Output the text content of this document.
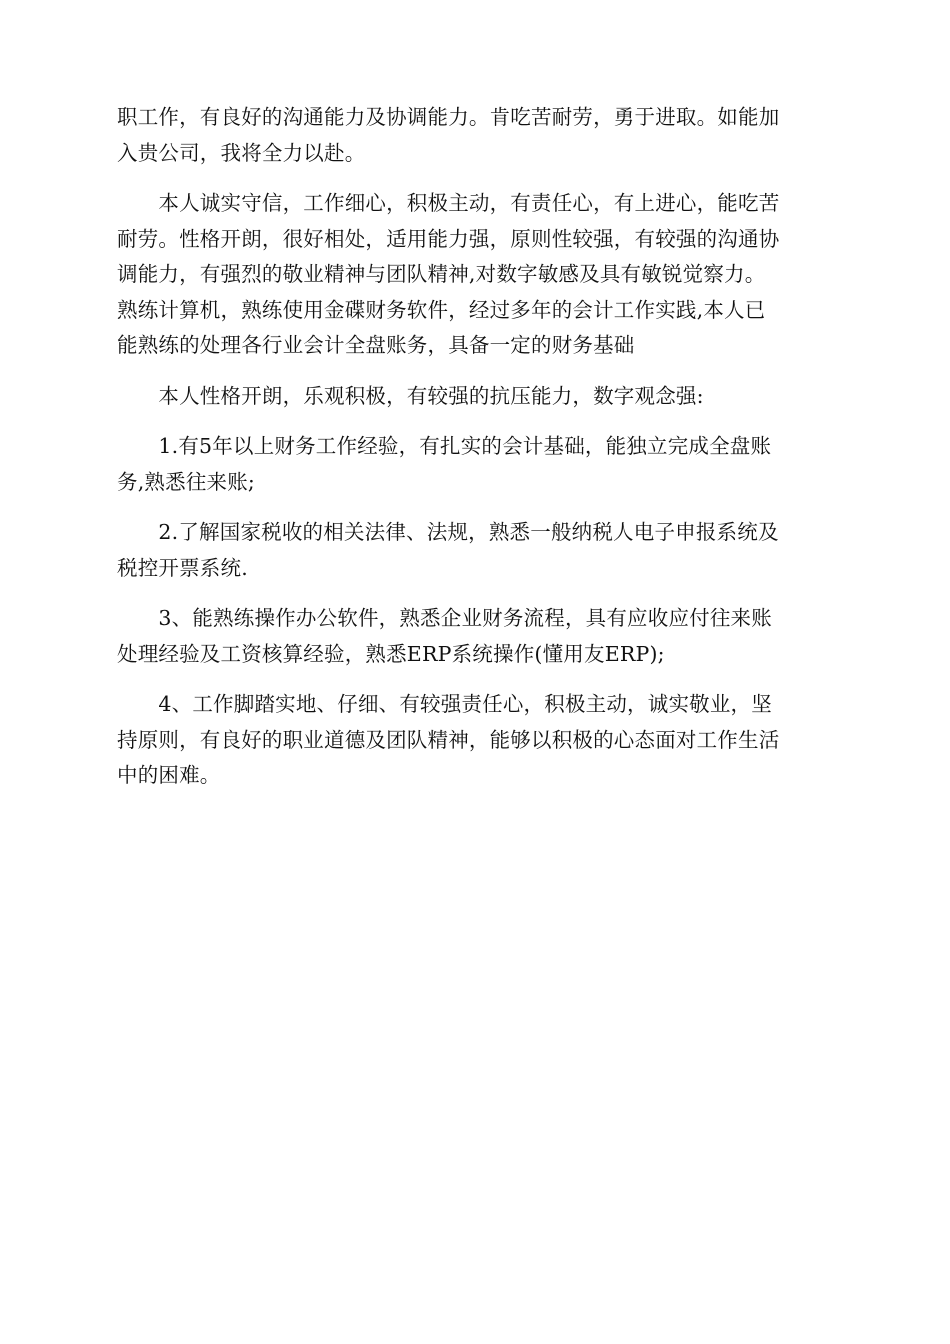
职工作，有良好的沟通能力及协调能力。肯吃苦耐劳，勇于进取。如能加
入贵公司，我将全力以赴。

　　本人诚实守信，工作细心，积极主动，有责任心，有上进心，能吃苦
耐劳。性格开朗，很好相处，适用能力强，原则性较强，有较强的沟通协
调能力，有强烈的敬业精神与团队精神,对数字敏感及具有敏锐觉察力。
熟练计算机，熟练使用金碟财务软件，经过多年的会计工作实践,本人已
能熟练的处理各行业会计全盘账务，具备一定的财务基础

　　本人性格开朗，乐观积极，有较强的抗压能力，数字观念强:

　　1.有5年以上财务工作经验，有扎实的会计基础，能独立完成全盘账
务,熟悉往来账;

　　2.了解国家税收的相关法律、法规，熟悉一般纳税人电子申报系统及
税控开票系统.

　　3、能熟练操作办公软件，熟悉企业财务流程，具有应收应付往来账
处理经验及工资核算经验，熟悉ERP系统操作(懂用友ERP);

　　4、工作脚踏实地、仔细、有较强责任心，积极主动，诚实敬业，坚
持原则，有良好的职业道德及团队精神，能够以积极的心态面对工作生活
中的困难。
